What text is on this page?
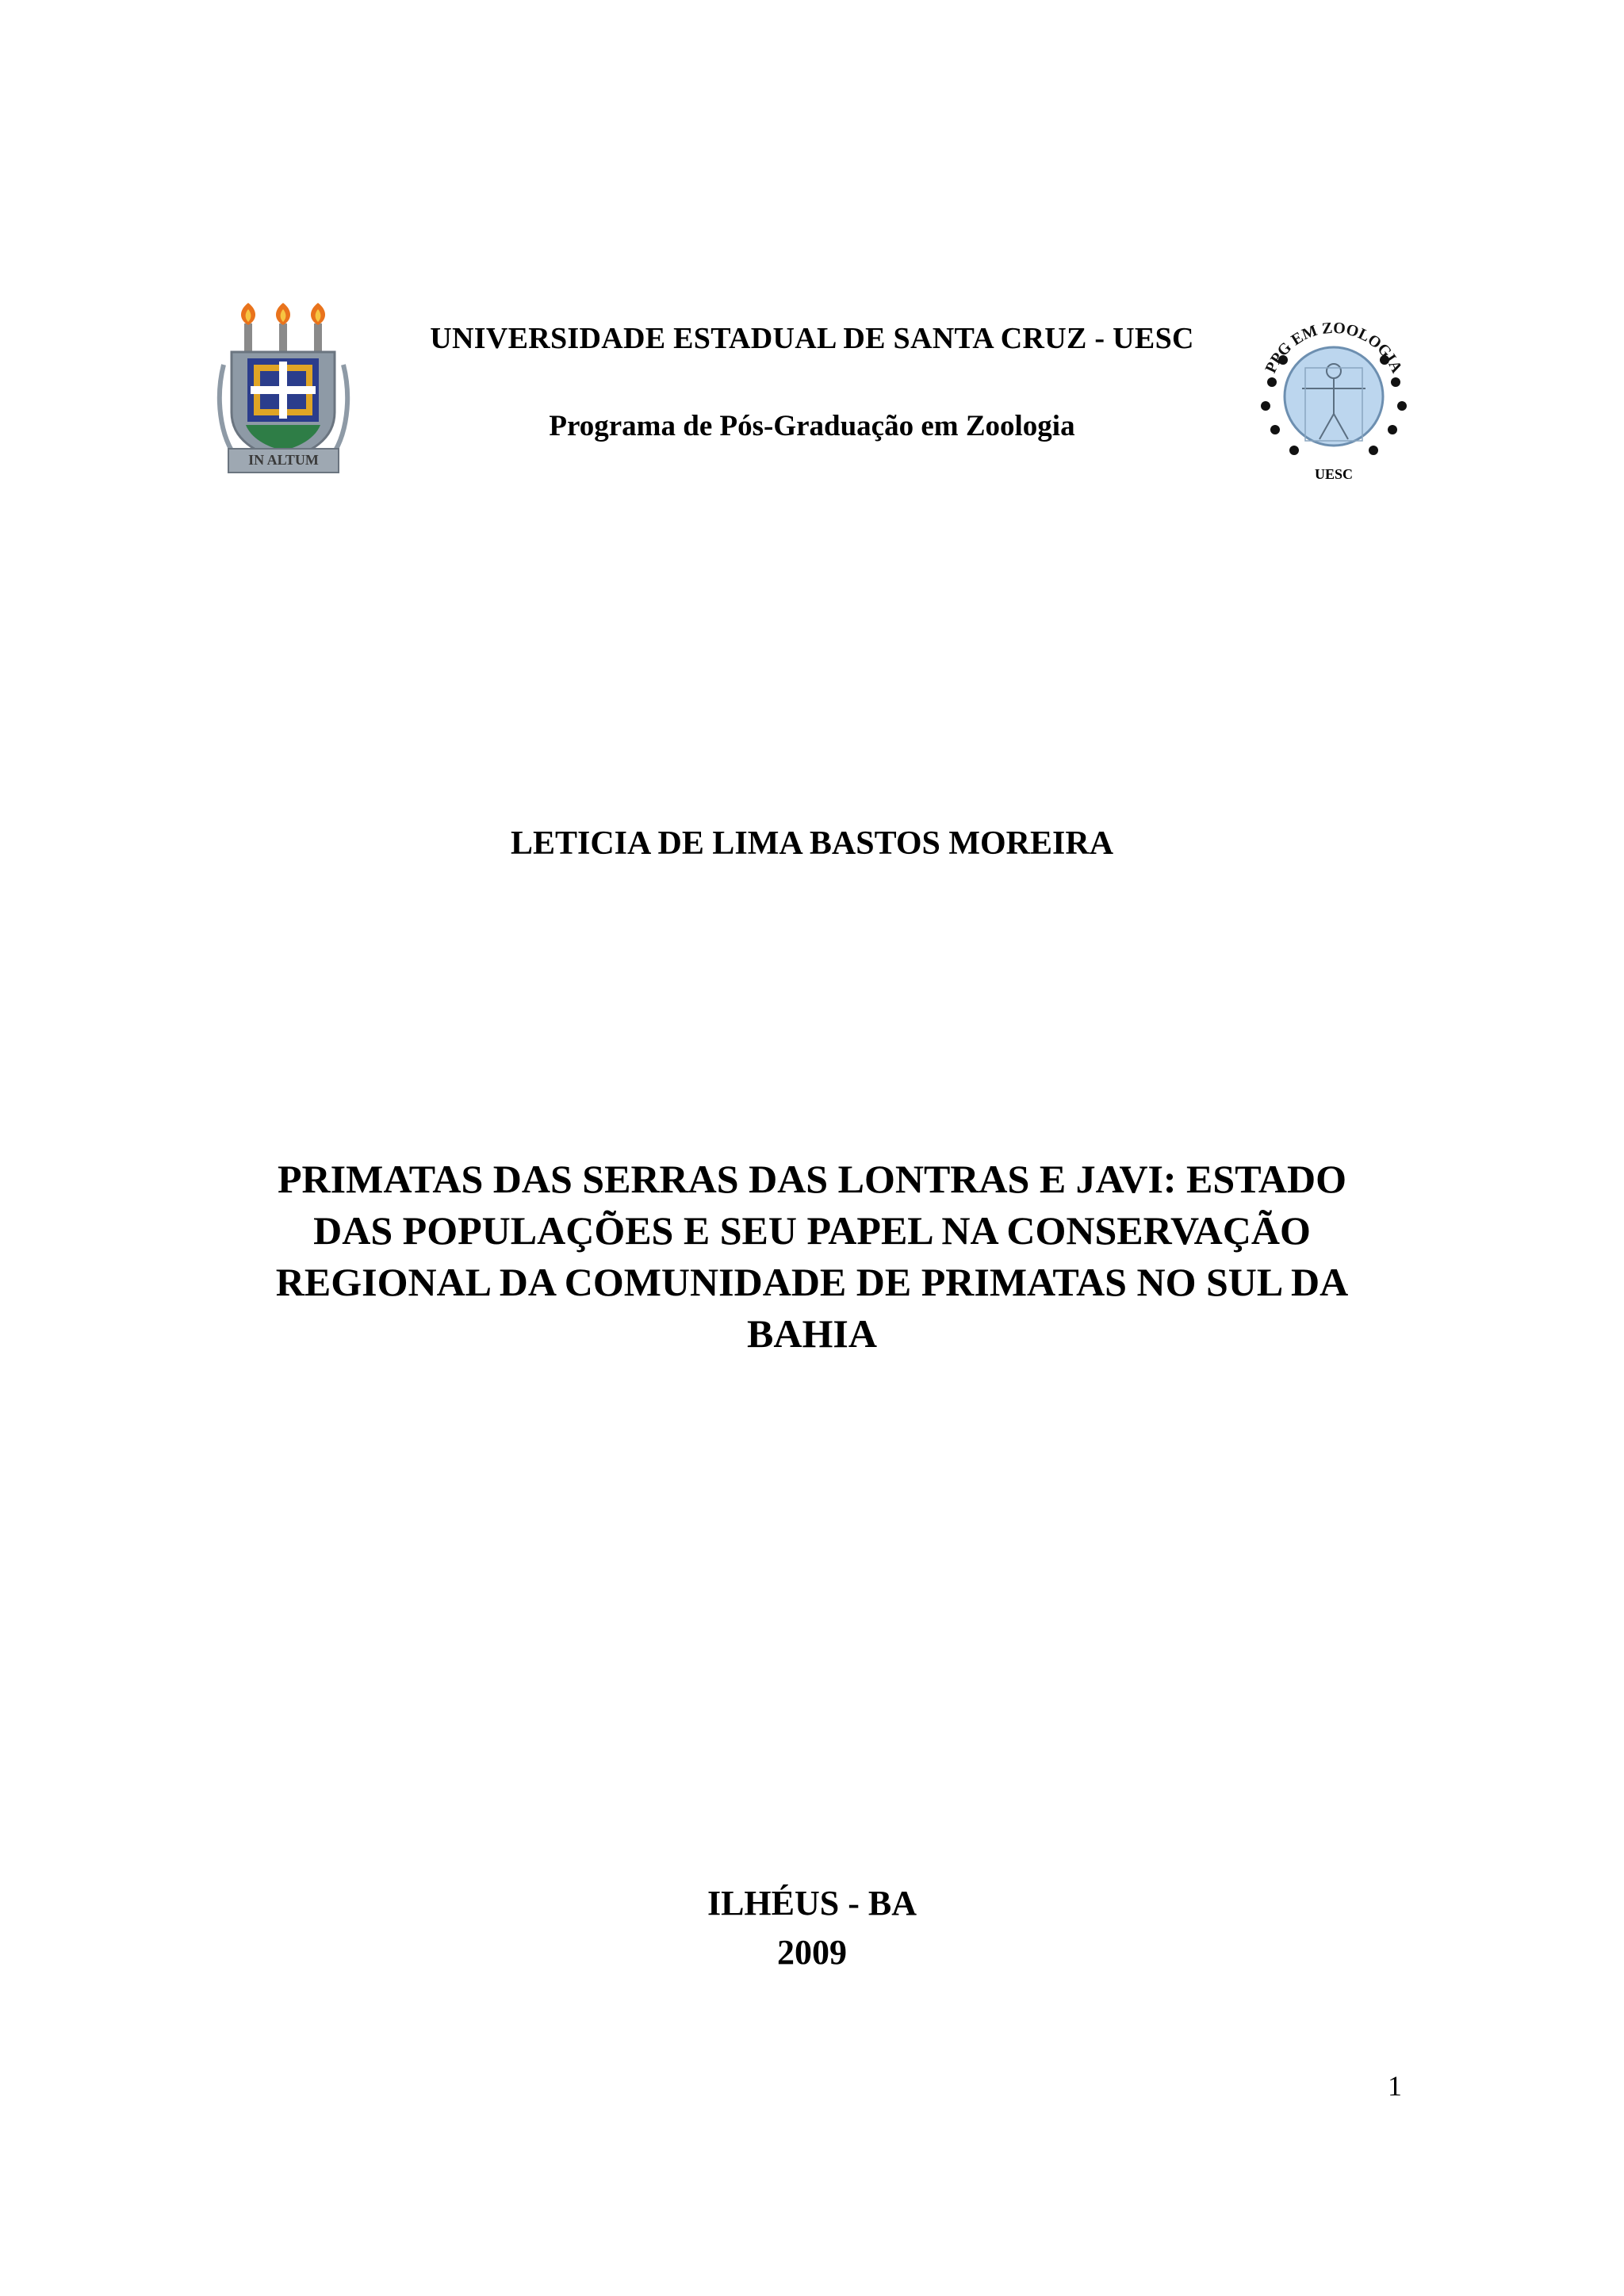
IN ALTUM
UNIVERSIDADE ESTADUAL DE SANTA CRUZ - UESC
Programa de Pós-Graduação em Zoologia
PPG EM ZOOLOGIA
UESC
LETICIA DE LIMA BASTOS MOREIRA
PRIMATAS DAS SERRAS DAS LONTRAS E JAVI: ESTADO
DAS POPULAÇÕES E SEU PAPEL NA CONSERVAÇÃO
REGIONAL DA COMUNIDADE DE PRIMATAS NO SUL DA
BAHIA
ILHÉUS - BA
2009
1
